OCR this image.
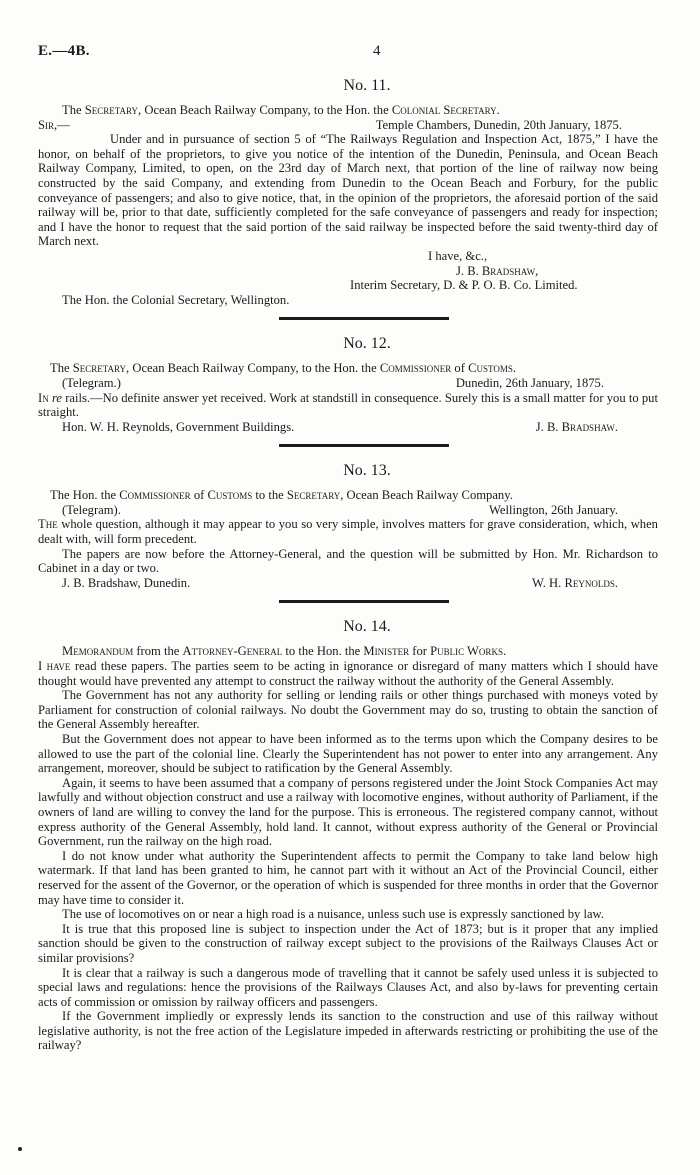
E.—4B.	4
No. 11.
The Secretary, Ocean Beach Railway Company, to the Hon. the Colonial Secretary.
Sir,—	Temple Chambers, Dunedin, 20th January, 1875.

Under and in pursuance of section 5 of “The Railways Regulation and Inspection Act, 1875,” I have the honor, on behalf of the proprietors, to give you notice of the intention of the Dunedin, Peninsula, and Ocean Beach Railway Company, Limited, to open, on the 23rd day of March next, that portion of the line of railway now being constructed by the said Company, and extending from Dunedin to the Ocean Beach and Forbury, for the public conveyance of passengers; and also to give notice, that, in the opinion of the proprietors, the aforesaid portion of the said railway will be, prior to that date, sufficiently completed for the safe conveyance of passengers and ready for inspection; and I have the honor to request that the said portion of the said railway be inspected before the said twenty-third day of March next.

I have, &c.,
J. B. Bradshaw,
Interim Secretary, D. & P. O. B. Co. Limited.
The Hon. the Colonial Secretary, Wellington.
No. 12.
The Secretary, Ocean Beach Railway Company, to the Hon. the Commissioner of Customs.
(Telegram.)	Dunedin, 26th January, 1875.

In re rails.—No definite answer yet received. Work at standstill in consequence. Surely this is a small matter for you to put straight.

Hon. W. H. Reynolds, Government Buildings.	J. B. Bradshaw.
No. 13.
The Hon. the Commissioner of Customs to the Secretary, Ocean Beach Railway Company.
(Telegram).	Wellington, 26th January.

The whole question, although it may appear to you so very simple, involves matters for grave consideration, which, when dealt with, will form precedent.

The papers are now before the Attorney-General, and the question will be submitted by Hon. Mr. Richardson to Cabinet in a day or two.

J. B. Bradshaw, Dunedin.	W. H. Reynolds.
No. 14.
Memorandum from the Attorney-General to the Hon. the Minister for Public Works.

I have read these papers. The parties seem to be acting in ignorance or disregard of many matters which I should have thought would have prevented any attempt to construct the railway without the authority of the General Assembly.

The Government has not any authority for selling or lending rails or other things purchased with moneys voted by Parliament for construction of colonial railways. No doubt the Government may do so, trusting to obtain the sanction of the General Assembly hereafter.

But the Government does not appear to have been informed as to the terms upon which the Company desires to be allowed to use the part of the colonial line. Clearly the Superintendent has not power to enter into any arrangement. Any arrangement, moreover, should be subject to ratification by the General Assembly.

Again, it seems to have been assumed that a company of persons registered under the Joint Stock Companies Act may lawfully and without objection construct and use a railway with locomotive engines, without authority of Parliament, if the owners of land are willing to convey the land for the purpose. This is erroneous. The registered company cannot, without express authority of the General Assembly, hold land. It cannot, without express authority of the General or Provincial Government, run the railway on the high road.

I do not know under what authority the Superintendent affects to permit the Company to take land below high watermark. If that land has been granted to him, he cannot part with it without an Act of the Provincial Council, either reserved for the assent of the Governor, or the operation of which is suspended for three months in order that the Governor may have time to consider it.

The use of locomotives on or near a high road is a nuisance, unless such use is expressly sanctioned by law.

It is true that this proposed line is subject to inspection under the Act of 1873; but is it proper that any implied sanction should be given to the construction of railway except subject to the provisions of the Railways Clauses Act or similar provisions?

It is clear that a railway is such a dangerous mode of travelling that it cannot be safely used unless it is subjected to special laws and regulations: hence the provisions of the Railways Clauses Act, and also by-laws for preventing certain acts of commission or omission by railway officers and passengers.

If the Government impliedly or expressly lends its sanction to the construction and use of this railway without legislative authority, is not the free action of the Legislature impeded in afterwards restricting or prohibiting the use of the railway?
